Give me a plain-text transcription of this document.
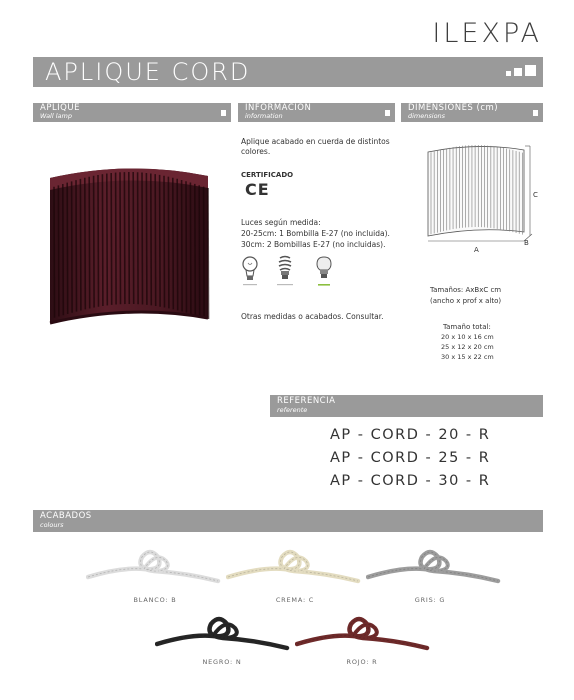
ILEXPA
APLIQUE CORD
APLIQUE
Wall lamp
INFORMACIÓN
information
DIMENSIONES (cm)
dimensions
Aplique acabado en cuerda de distintos
colores.
CERTIFICADO
CE
Luces según medida:
20-25cm: 1 Bombilla E-27 (no incluida).
30cm: 2 Bombillas E-27 (no incluidas).
Otras medidas o acabados. Consultar.
A
B
C
Tamaños: AxBxC cm
(ancho x prof x alto)
Tamaño total:
20 x 10 x 16 cm
25 x 12 x 20 cm
30 x 15 x 22 cm
REFERENCIA
referente
AP - CORD - 20 - R
AP - CORD - 25 - R
AP - CORD - 30 - R
ACABADOS
colours
BLANCO: B	CREMA: C	GRIS: G
NEGRO: N	ROJO: R
